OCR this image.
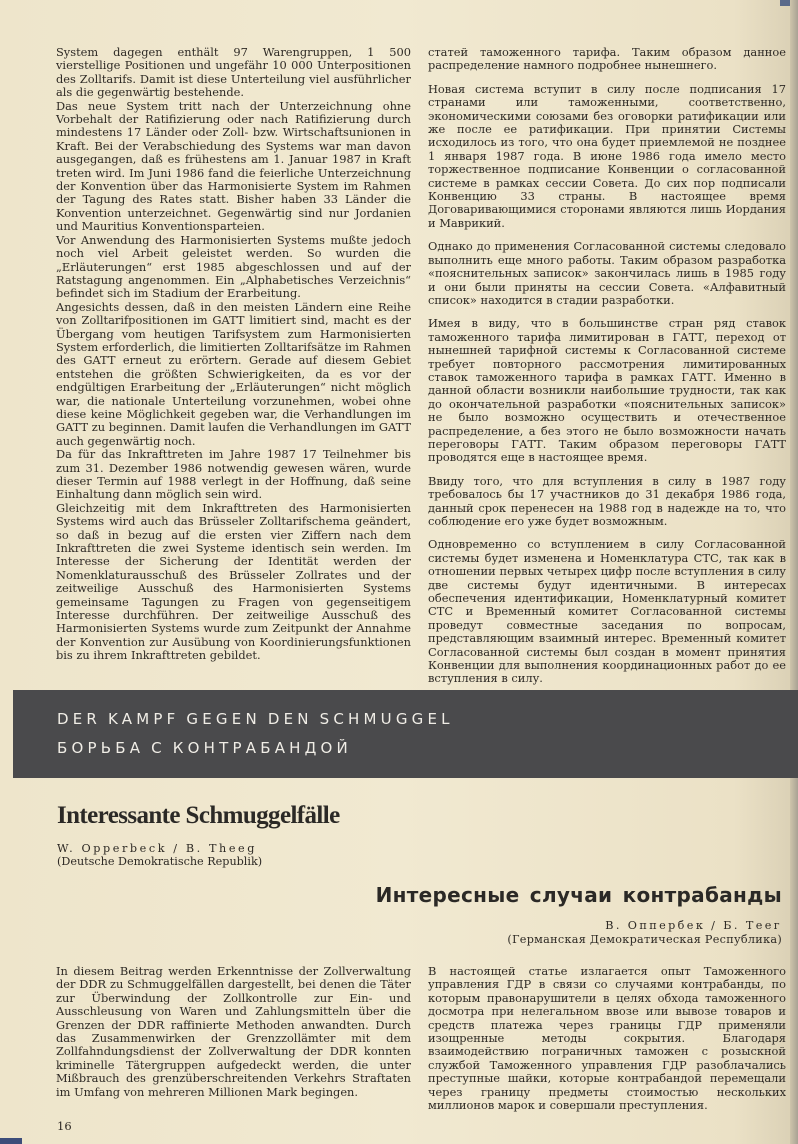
System dagegen enthält 97 Warengruppen, 1 500 vierstellige Positionen und ungefähr 10 000 Unterpositionen des Zolltarifs. Damit ist diese Unterteilung viel ausführlicher als die gegenwärtig bestehende.

Das neue System tritt nach der Unterzeichnung ohne Vorbehalt der Ratifizierung oder nach Ratifizierung durch mindestens 17 Länder oder Zoll- bzw. Wirtschaftsunionen in Kraft. Bei der Verabschiedung des Systems war man davon ausgegangen, daß es frühestens am 1. Januar 1987 in Kraft treten wird. Im Juni 1986 fand die feierliche Unterzeichnung der Konvention über das Harmonisierte System im Rahmen der Tagung des Rates statt. Bisher haben 33 Länder die Konvention unterzeichnet. Gegenwärtig sind nur Jordanien und Mauritius Konventionsparteien.

Vor Anwendung des Harmonisierten Systems mußte jedoch noch viel Arbeit geleistet werden. So wurden die „Erläuterungen“ erst 1985 abgeschlossen und auf der Ratstagung angenommen. Ein „Alphabetisches Verzeichnis“ befindet sich im Stadium der Erarbeitung.

Angesichts dessen, daß in den meisten Ländern eine Reihe von Zolltarifpositionen im GATT limitiert sind, macht es der Übergang vom heutigen Tarifsystem zum Harmonisierten System erforderlich, die limitierten Zolltarifsätze im Rahmen des GATT erneut zu erörtern. Gerade auf diesem Gebiet entstehen die größten Schwierigkeiten, da es vor der endgültigen Erarbeitung der „Erläuterungen“ nicht möglich war, die nationale Unterteilung vorzunehmen, wobei ohne diese keine Möglichkeit gegeben war, die Verhandlungen im GATT zu beginnen. Damit laufen die Verhandlungen im GATT auch gegenwärtig noch.

Da für das Inkrafttreten im Jahre 1987 17 Teilnehmer bis zum 31. Dezember 1986 notwendig gewesen wären, wurde dieser Termin auf 1988 verlegt in der Hoffnung, daß seine Einhaltung dann möglich sein wird.

Gleichzeitig mit dem Inkrafttreten des Harmonisierten Systems wird auch das Brüsseler Zolltarifschema geändert, so daß in bezug auf die ersten vier Ziffern nach dem Inkrafttreten die zwei Systeme identisch sein werden. Im Interesse der Sicherung der Identität werden der Nomenklaturausschuß des Brüsseler Zollrates und der zeitweilige Ausschuß des Harmonisierten Systems gemeinsame Tagungen zu Fragen von gegenseitigem Interesse durchführen. Der zeitweilige Ausschuß des Harmonisierten Systems wurde zum Zeitpunkt der Annahme der Konvention zur Ausübung von Koordinierungsfunktionen bis zu ihrem Inkrafttreten gebildet.

статей таможенного тарифа. Таким образом данное распределение намного подробнее нынешнего.

Новая система вступит в силу после подписания 17 странами или таможенными, соответственно, экономическими союзами без оговорки ратификации или же после ее ратификации. При принятии Системы исходилось из того, что она будет приемлемой не позднее 1 января 1987 года. В июне 1986 года имело место торжественное подписание Конвенции о согласованной системе в рамках сессии Совета. До сих пор подписали Конвенцию 33 страны. В настоящее время Договаривающимися сторонами являются лишь Иордания и Маврикий.

Однако до применения Согласованной системы следовало выполнить еще много работы. Таким образом разработка «пояснительных записок» закончилась лишь в 1985 году и они были приняты на сессии Совета. «Алфавитный список» находится в стадии разработки.

Имея в виду, что в большинстве стран ряд ставок таможенного тарифа лимитирован в ГАТТ, переход от нынешней тарифной системы к Согласованной системе требует повторного рассмотрения лимитированных ставок таможенного тарифа в рамках ГАТТ. Именно в данной области возникли наибольшие трудности, так как до окончательной разработки «пояснительных записок» не было возможно осуществить и отечественное распределение, а без этого не было возможности начать переговоры ГАТТ. Таким образом переговоры ГАТТ проводятся еще в настоящее время.

Ввиду того, что для вступления в силу в 1987 году требовалось бы 17 участников до 31 декабря 1986 года, данный срок перенесен на 1988 год в надежде на то, что соблюдение его уже будет возможным.

Одновременно со вступлением в силу Согласованной системы будет изменена и Номенклатура СТС, так как в отношении первых четырех цифр после вступления в силу две системы будут идентичными. В интересах обеспечения идентификации, Номенклатурный комитет СТС и Временный комитет Согласованной системы проведут совместные заседания по вопросам, представляющим взаимный интерес. Временный комитет Согласованной системы был создан в момент принятия Конвенции для выполнения координационных работ до ее вступления в силу.

DER KAMPF GEGEN DEN SCHMUGGEL
БОРЬБА С КОНТРАБАНДОЙ
Interessante Schmuggelfälle
W. Opperbeck / B. Theeg
(Deutsche Demokratische Republik)
Интересные случаи контрабанды
В. Оппербек / Б. Теег
(Германская Демократическая Республика)

In diesem Beitrag werden Erkenntnisse der Zollverwaltung der DDR zu Schmuggelfällen dargestellt, bei denen die Täter zur Überwindung der Zollkontrolle zur Ein- und Ausschleusung von Waren und Zahlungsmitteln über die Grenzen der DDR raffinierte Methoden anwandten. Durch das Zusammenwirken der Grenzzollämter mit dem Zollfahndungsdienst der Zollverwaltung der DDR konnten kriminelle Tätergruppen aufgedeckt werden, die unter Mißbrauch des grenzüberschreitenden Verkehrs Straftaten im Umfang von mehreren Millionen Mark begingen.

В настоящей статье излагается опыт Таможенного управления ГДР в связи со случаями контрабанды, по которым правонарушители в целях обхода таможенного досмотра при нелегальном ввозе или вывозе товаров и средств платежа через границы ГДР применяли изощренные методы сокрытия. Благодаря взаимодействию пограничных таможен с розыскной службой Таможенного управления ГДР разоблачались преступные шайки, которые контрабандой перемещали через границу предметы стоимостью нескольких миллионов марок и совершали преступления.

16
